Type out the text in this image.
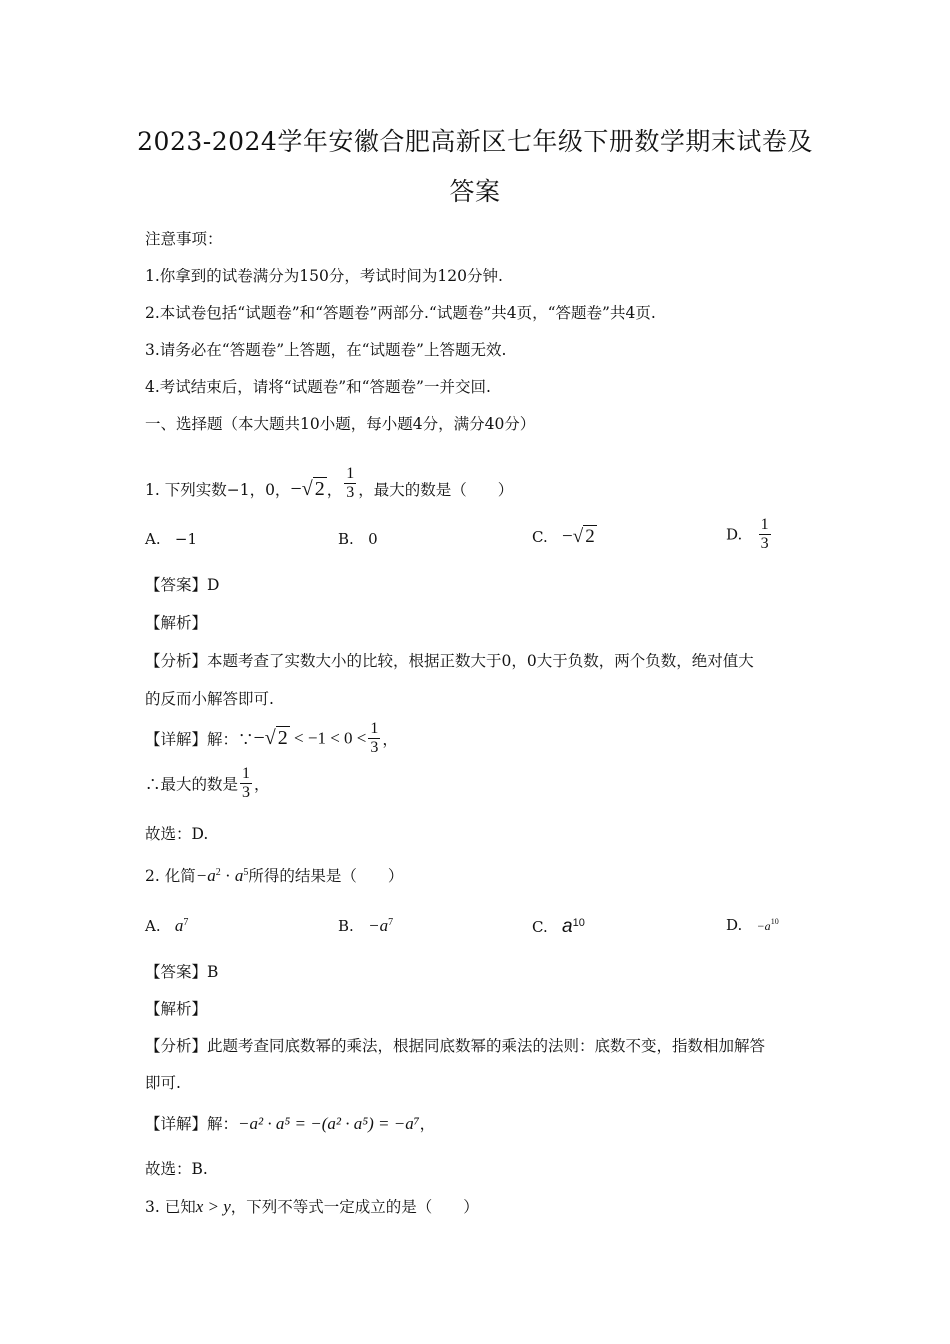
2023-2024学年安徽合肥高新区七年级下册数学期末试卷及
答案
注意事项：
1.你拿到的试卷满分为150分，考试时间为120分钟.
2.本试卷包括“试题卷”和“答题卷”两部分.“试题卷”共4页，“答题卷”共4页.
3.请务必在“答题卷”上答题，在“试题卷”上答题无效.
4.考试结束后，请将“试题卷”和“答题卷”一并交回.
一、选择题（本大题共10小题，每小题4分，满分40分）
1. 下列实数−1，0，−√ 2 ， $\frac{1}{3}$ ，最大的数是（　　）
A. −1	B. 0	C. −√ 2	D. $\frac{1}{3}$
【答案】D
【解析】
【分析】本题考查了实数大小的比较，根据正数大于0，0大于负数，两个负数，绝对值大
的反而小解答即可.
【详解】解：∵−√ $2 < -1 < 0 < \frac{1}{3}$ ，
∴最大的数是 $\frac{1}{3}$ ，
故选：D.
2. 化简$-a^2 \cdot a^5$所得的结果是（　　）
A. $a^7$	B. $-a^7$	C. $a^{10}$	D. $-a^{10}$
【答案】B
【解析】
【分析】此题考查同底数幂的乘法，根据同底数幂的乘法的法则：底数不变，指数相加解答
即可.
【详解】解：−a² · a⁵ = −(a² · a⁵) = −a⁷，
故选：B.
3. 已知x > y，下列不等式一定成立的是（　　）
